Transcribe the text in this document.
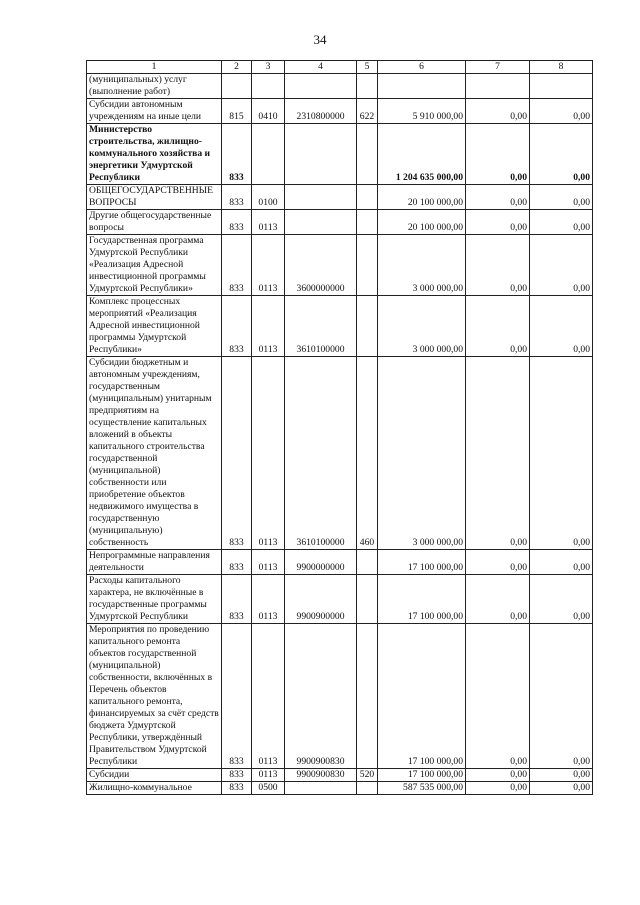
34
1	2	3	4	5	6	7	8
(муниципальных) услуг (выполнение работ)							
Субсидии автономным учреждениям на иные цели	815	0410	2310800000	622	5 910 000,00	0,00	0,00
Министерство строительства, жилищно-коммунального хозяйства и энергетики Удмуртской Республики	833				1 204 635 000,00	0,00	0,00
ОБЩЕГОСУДАРСТВЕННЫЕ ВОПРОСЫ	833	0100			20 100 000,00	0,00	0,00
Другие общегосударственные вопросы	833	0113			20 100 000,00	0,00	0,00
Государственная программа Удмуртской Республики «Реализация Адресной инвестиционной программы Удмуртской Республики»	833	0113	3600000000		3 000 000,00	0,00	0,00
Комплекс процессных мероприятий «Реализация Адресной инвестиционной программы Удмуртской Республики»	833	0113	3610100000		3 000 000,00	0,00	0,00
Субсидии бюджетным и автономным учреждениям, государственным (муниципальным) унитарным предприятиям на осуществление капитальных вложений в объекты капитального строительства государственной (муниципальной) собственности или приобретение объектов недвижимого имущества в государственную (муниципальную) собственность	833	0113	3610100000	460	3 000 000,00	0,00	0,00
Непрограммные направления деятельности	833	0113	9900000000		17 100 000,00	0,00	0,00
Расходы капитального характера, не включённые в государственные программы Удмуртской Республики	833	0113	9900900000		17 100 000,00	0,00	0,00
Мероприятия по проведению капитального ремонта объектов государственной (муниципальной) собственности, включённых в Перечень объектов капитального ремонта, финансируемых за счёт средств бюджета Удмуртской Республики, утверждённый Правительством Удмуртской Республики	833	0113	9900900830		17 100 000,00	0,00	0,00
Субсидии	833	0113	9900900830	520	17 100 000,00	0,00	0,00
Жилищно-коммунальное	833	0500			587 535 000,00	0,00	0,00
